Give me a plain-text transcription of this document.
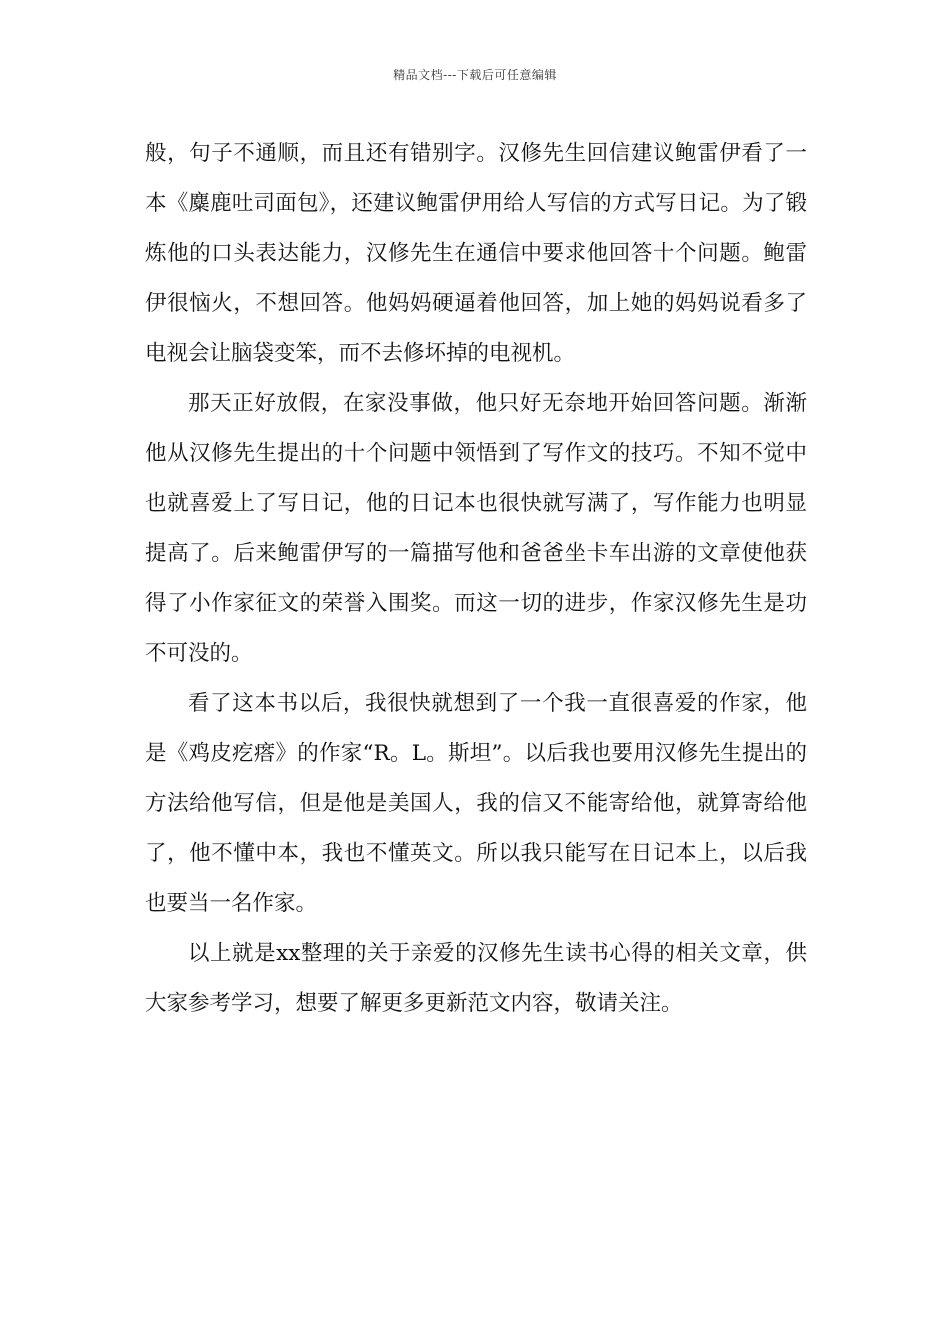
精品文档---下载后可任意编辑

般，句子不通顺，而且还有错别字。汉修先生回信建议鲍雷伊看了一本《麋鹿吐司面包》，还建议鲍雷伊用给人写信的方式写日记。为了锻炼他的口头表达能力，汉修先生在通信中要求他回答十个问题。鲍雷伊很恼火，不想回答。他妈妈硬逼着他回答，加上她的妈妈说看多了电视会让脑袋变笨，而不去修坏掉的电视机。

那天正好放假，在家没事做，他只好无奈地开始回答问题。渐渐他从汉修先生提出的十个问题中领悟到了写作文的技巧。不知不觉中也就喜爱上了写日记，他的日记本也很快就写满了，写作能力也明显提高了。后来鲍雷伊写的一篇描写他和爸爸坐卡车出游的文章使他获得了小作家征文的荣誉入围奖。而这一切的进步，作家汉修先生是功不可没的。

看了这本书以后，我很快就想到了一个我一直很喜爱的作家，他是《鸡皮疙瘩》的作家“R。L。斯坦”。以后我也要用汉修先生提出的方法给他写信，但是他是美国人，我的信又不能寄给他，就算寄给他了，他不懂中本，我也不懂英文。所以我只能写在日记本上，以后我也要当一名作家。

以上就是xx整理的关于亲爱的汉修先生读书心得的相关文章，供大家参考学习，想要了解更多更新范文内容，敬请关注。
